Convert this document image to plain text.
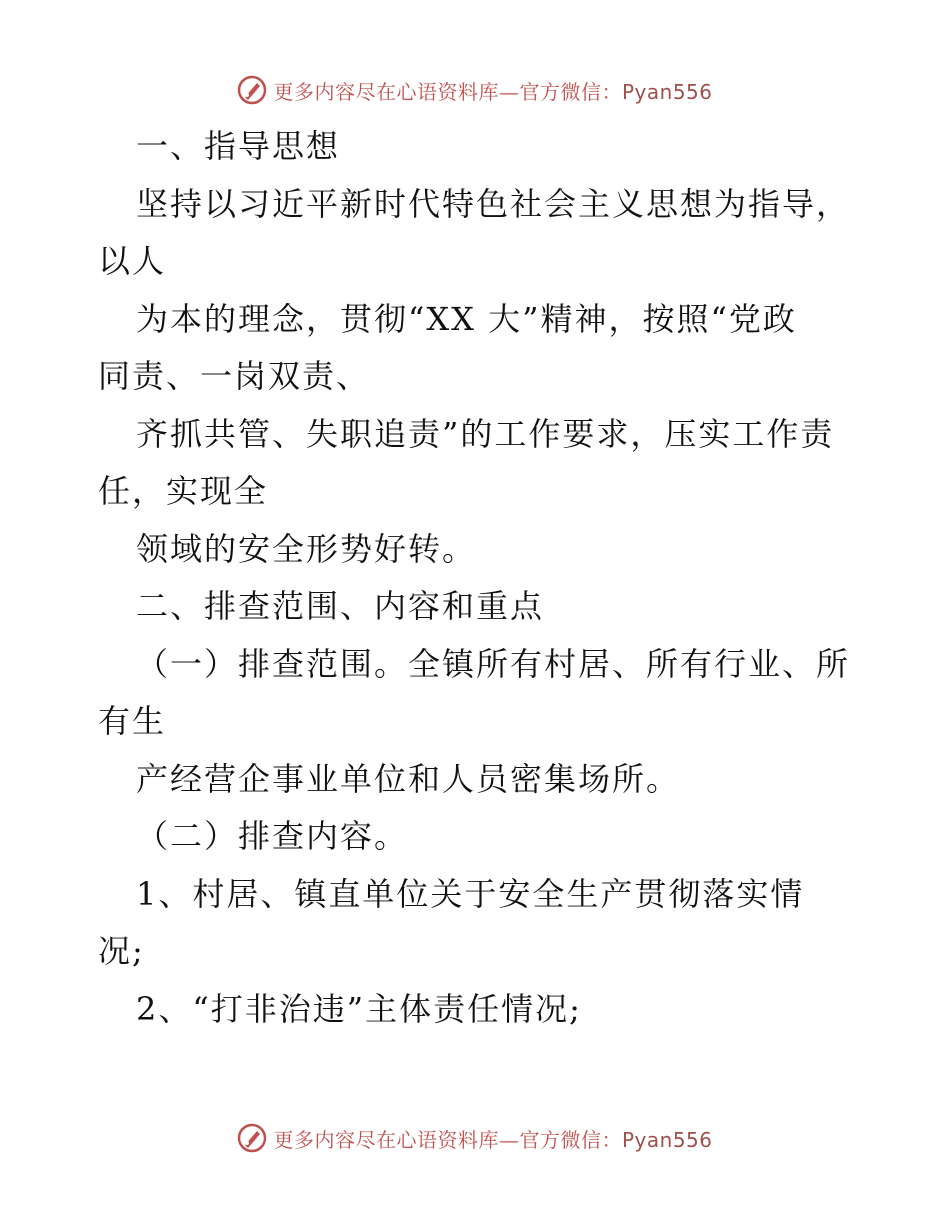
更多内容尽在心语资料库—官方微信：Pyan556
一、指导思想
坚持以习近平新时代特色社会主义思想为指导，
以人
为本的理念，贯彻“XX 大”精神，按照“党政
同责、一岗双责、
齐抓共管、失职追责”的工作要求，压实工作责
任，实现全
领域的安全形势好转。
二、排查范围、内容和重点
（一）排查范围。全镇所有村居、所有行业、所
有生
产经营企事业单位和人员密集场所。
（二）排查内容。
1、村居、镇直单位关于安全生产贯彻落实情
况;
2、“打非治违”主体责任情况;
更多内容尽在心语资料库—官方微信：Pyan556
